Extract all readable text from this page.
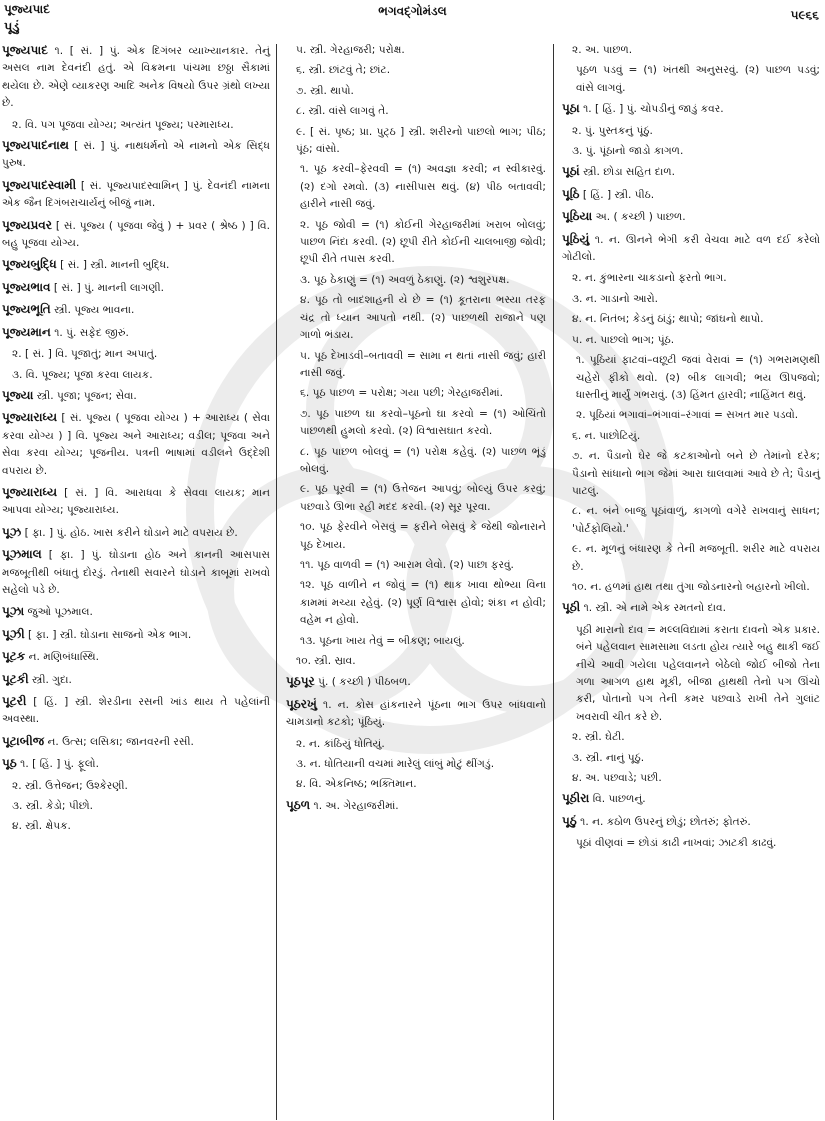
પૂજ્યપાદ
પૂડું
ભગવદ્ગોમંડલ	૫૯૬૬

પૂજ્યપાદ ૧. [ સં. ] પું. એક દિગંબર વ્યાખ્યાનકાર. તેનું અસલ નામ દેવનંદી હતું. એ વિક્રમના પાંચમા છઠ્ઠા સૈકામાં થયેલા છે. એણે વ્યાકરણ આદિ અનેક વિષયો ઉપર ગ્રંથો લખ્યા છે.

૨. વિ. પગ પૂજવા યોગ્ય; અત્યંત પૂજ્ય; પરમારાધ્ય.

પૂજ્યપાદનાથ [ સં. ] પું. નાથધર્મનો એ નામનો એક સિદ્ધ પુરુષ.

પૂજ્યપાદસ્વામી [ સં. પૂજ્યપાદસ્વામિન્ ] પું. દેવનંદી નામના એક જૈન દિગંબરાચાર્યનું બીજું નામ.

પૂજ્યપ્રવર [ સં. પૂજ્ય ( પૂજવા જેવું ) + પ્રવર ( શ્રેષ્ઠ ) ] વિ. બહુ પૂજવા યોગ્ય.

પૂજ્યબુદ્ધિ [ સં. ] સ્ત્રી. માનની બુદ્ધિ.

પૂજ્યભાવ [ સં. ] પું. માનની લાગણી.

પૂજ્યભૂતિ સ્ત્રી. પૂજ્ય ભાવના.

પૂજ્યમાન ૧. પું. સફેદ જીરું.

૨. [ સં. ] વિ. પૂજાતું; માન અપાતું.

૩. વિ. પૂજ્ય; પૂજા કરવા લાયક.

પૂજ્યા સ્ત્રી. પૂજા; પૂજન; સેવા.

પૂજ્યારાધ્ય [ સં. પૂજ્ય ( પૂજવા યોગ્ય ) + આરાધ્ય ( સેવા કરવા યોગ્ય ) ] વિ. પૂજ્ય અને આરાધ્ય; વડીલ; પૂજવા અને સેવા કરવા યોગ્ય; પૂજનીય. પત્રની ભાષામાં વડીલને ઉદ્દેશી વપરાય છે.

પૂજ્યારાધ્ય [ સં. ] વિ. આરાધવા કે સેવવા લાયક; માન આપવા યોગ્ય; પૂજ્યારાધ્ય.

પૂઝ [ ફા. ] પું. હોઠ. ખાસ કરીને ઘોડાને માટે વપરાય છે.

પૂઝમાલ [ ફા. ] પું. ઘોડાના હોઠ અને કાનની આસપાસ મજબૂતીથી બંધાતું દોરડું. તેનાથી સવારને ઘોડાને કાબૂમાં રાખવો સહેલો પડે છે.

પૂઝા જુઓ પૂઝમાલ.

પૂઝી [ ફા. ] સ્ત્રી. ઘોડાના સાજનો એક ભાગ.

પૂટક ન. મણિબંધાસ્થિ.

પૂટકી સ્ત્રી. ગુદા.

પૂટરી [ હિં. ] સ્ત્રી. શેરડીના રસની ખાંડ થાય તે પહેલાંની અવસ્થા.

પૂટાબીજ ન. ઉત્સ; લસિકા; જાનવરની રસી.

પૂઠ ૧. [ હિં. ] પું. ફૂલો.

૨. સ્ત્રી. ઉત્તેજન; ઉશ્કેરણી.

૩. સ્ત્રી. કેડો; પીછો.

૪. સ્ત્રી. ક્ષેપક.

૫. સ્ત્રી. ગેરહાજરી; પરોક્ષ.

૬. સ્ત્રી. છાંટવું તે; છાંટ.

૭. સ્ત્રી. થાપો.

૮. સ્ત્રી. વાંસે લાગવું તે.

૯. [ સં. પૃષ્ઠ; પ્રા. પુટ્ઠ ] સ્ત્રી. શરીરનો પાછલો ભાગ; પીઠ; પૂંઠ; વાંસો.

૧. પૂઠ કરવી–ફેરવવી = (૧) અવજ્ઞા કરવી; ન સ્વીકારવું. (૨) દગો રમવો. (૩) નાસીપાસ થવું. (૪) પીઠ બતાવવી; હારીને નાસી જવું.

૨. પૂઠ જોવી = (૧) કોઈની ગેરહાજરીમાં ખરાબ બોલવું; પાછળ નિંદા કરવી. (૨) છૂપી રીતે કોઈની ચાલબાજી જોવી; છૂપી રીતે તપાસ કરવી.

૩. પૂઠ ઠેકાણું = (૧) અવળું ઠેકાણું. (૨) શ્વશુરપક્ષ.

૪. પૂઠ તો બાદશાહની યે છે = (૧) કૂતરાના ભસ્યા તરફ ચંદ્ર તો ધ્યાન આપતો નથી. (૨) પાછળથી રાજાને પણ ગાળો ભંડાય.

૫. પૂઠ દેખાડવી–બતાવવી = સામા ન થતાં નાસી જવું; હારી નાસી જવું.

૬. પૂઠ પાછળ = પરોક્ષ; ગયા પછી; ગેરહાજરીમાં.

૭. પૂઠ પાછળ ઘા કરવો–પૂઠનો ઘા કરવો = (૧) ઓચિંતો પાછળથી હુમલો કરવો. (૨) વિશ્વાસઘાત કરવો.

૮. પૂઠ પાછળ બોલવું = (૧) પરોક્ષ કહેવું. (૨) પાછળ ભૂંડું બોલવું.

૯. પૂઠ પૂરવી = (૧) ઉત્તેજન આપવું; બોલ્યું ઉપર કરવું; પછવાડે ઊભા રહી મદદ કરવી. (૨) સૂર પૂરવા.

૧૦. પૂઠ ફેરવીને બેસવું = ફરીને બેસવું કે જેથી જોનારાને પૂઠ દેખાય.

૧૧. પૂઠ વાળવી = (૧) આરામ લેવો. (૨) પાછા ફરવું.

૧૨. પૂઠ વાળીને ન જોવું = (૧) થાક ખાવા થોભ્યા વિના કામમાં મચ્યા રહેવું. (૨) પૂર્ણ વિશ્વાસ હોવો; શંકા ન હોવી; વહેમ ન હોવો.

૧૩. પૂઠના ખાય તેવું = બીકણ; બાયલું.

૧૦. સ્ત્રી. સ્રાવ.

પૂઠપૂર પું. ( કચ્છી ) પીઠબળ.

પૂઠરખું ૧. ન. કોસ હાંકનારને પૂંઠના ભાગ ઉપર બાંધવાનો ચામડાનો કટકો; પૂંઠિયું.

૨. ન. કાંઠિયું ધોતિયું.

૩. ન. ધોતિયાની વચમાં મારેલું લાંબું મોટું થીંગડું.

૪. વિ. એકનિષ્ઠ; ભક્તિમાન.

પૂઠળ ૧. અ. ગેરહાજરીમાં.

૨. અ. પાછળ.

પૂઠળ પડવું = (૧) ખંતથી અનુસરવું. (૨) પાછળ પડવું; વાંસે લાગવું.

પૂઠા ૧. [ હિં. ] પું. ચોપડીનું જાડું કવર.

૨. પું. પુસ્તકનું પૂંઠું.

૩. પું. પૂંઠાનો જાડો કાગળ.

પૂઠાં સ્ત્રી. છોડા સહિત દાળ.

પૂઠિ [ હિં. ] સ્ત્રી. પીઠ.

પૂઠિયા અ. ( કચ્છી ) પાછળ.

પૂઠિયું ૧. ન. ઊનને ભેગી કરી વેચવા માટે વળ દઈ કરેલો ગોટીલો.

૨. ન. કુંભારના ચાકડાનો ફરતો ભાગ.

૩. ન. ગાડાનો આરો.

૪. ન. નિતંબ; કેડનું ઠાંડું; થાપો; જાંઘનો થાપો.

૫. ન. પાછલો ભાગ; પૂંઠ.

૧. પૂઠિયાં ફાટવાં–વછૂટી જવાં વેરાવાં = (૧) ગભરામણથી ચહેરો ફીકો થવો. (૨) બીક લાગવી; ભય ઊપજવો; ધાસ્તીનું માર્યું ગભરાવું. (૩) હિંમત હારવી; નાહિંમત થવું.

૨. પૂઠિયાં ભગાવાં–ભંગાવાં–રંગાવાં = સખત માર પડવો.

૬. ન. પાછોટિયું.

૭. ન. પૈડાનો ઘેર જે કટકાઓનો બને છે તેમાંનો દરેક; પૈડાનો સાંધાનો ભાગ જેમાં આરા ઘાલવામાં આવે છે તે; પૈડાનું પાટલું.

૮. ન. બંને બાજુ પૂઠાંવાળું, કાગળો વગેરે રાખવાનું સાધન; 'પોર્ટફોલિયો.'

૯. ન. મૂળનું બંધારણ કે તેની મજબૂતી. શરીર માટે વપરાય છે.

૧૦. ન. હળમાં હાથ તથા તુંગા જોડનારનો બહારનો ખીલો.

પૂઠી ૧. સ્ત્રી. એ નામે એક રમતનો દાવ.

પૂઠી મારાનો દાવ = મલ્લવિદ્યામાં કરાતા દાવનો એક પ્રકાર. બંને પહેલવાન સામસામા લડતા હોય ત્યારે બહુ થાકી જઈ નીચે આવી ગયેલા પહેલવાનને બેઠેલો જોઈ બીજો તેના ગળા આગળ હાથ મૂકી, બીજા હાથથી તેનો પગ ઊંચો કરી, પોતાનો પગ તેની કમર પછવાડે રાખી તેને ગુલાંટ ખવરાવી ચીત કરે છે.

૨. સ્ત્રી. ઘેટી.

૩. સ્ત્રી. નાનું પૂઠું.

૪. અ. પછવાડે; પછી.

પૂઠીરા વિ. પાછળનું.

પૂઠું ૧. ન. કઠોળ ઉપરનું છોડું; છોતરું; ફોતરું.

પૂઠાં વીણવાં = છોડાં કાઢી નાખવાં; ઝાટકી કાઢવું.
